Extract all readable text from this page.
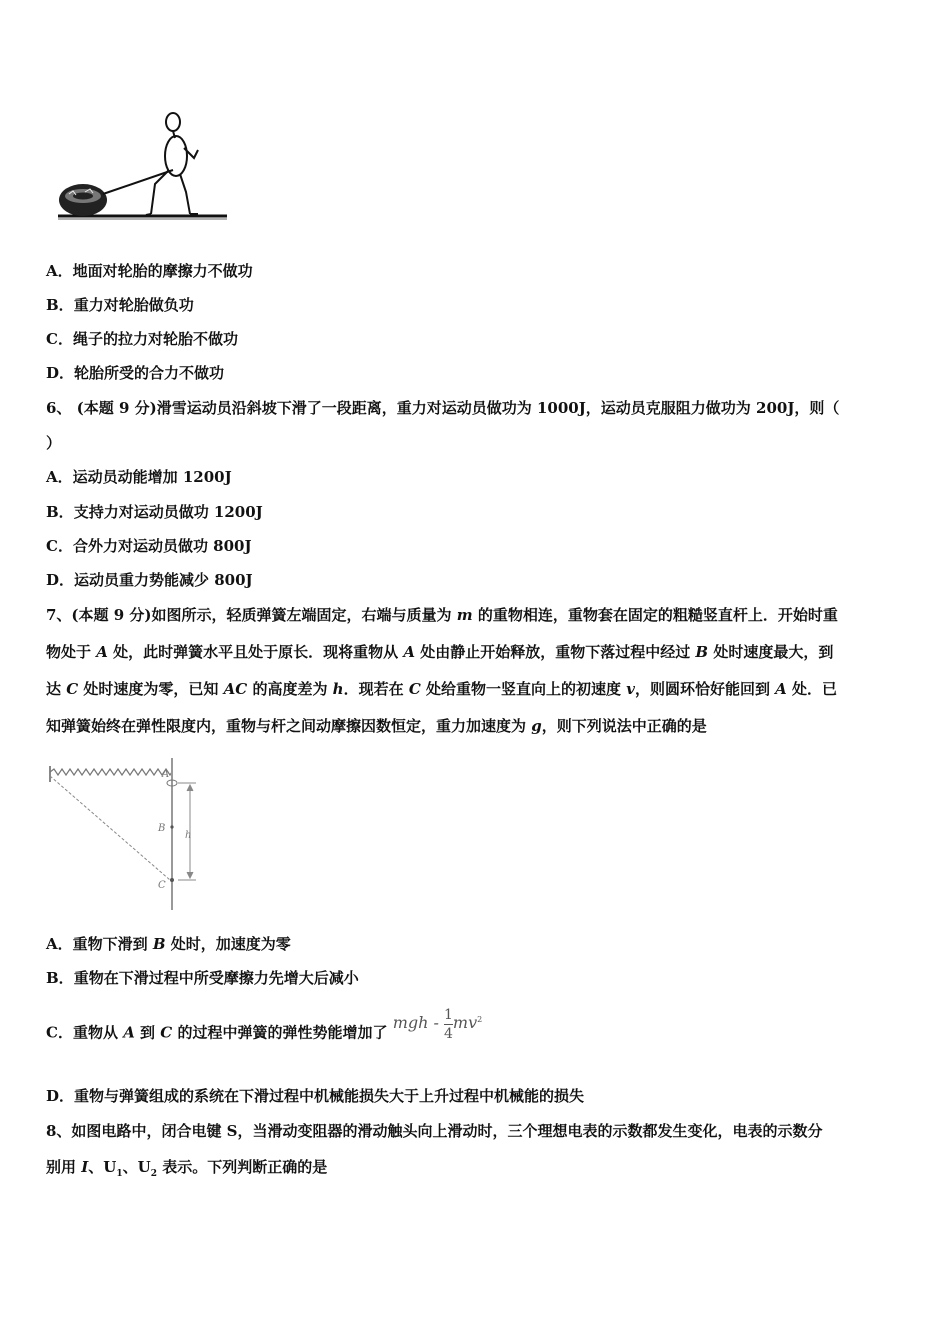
A．地面对轮胎的摩擦力不做功
B．重力对轮胎做负功
C．绳子的拉力对轮胎不做功
D．轮胎所受的合力不做功
6、 (本题 9 分)滑雪运动员沿斜坡下滑了一段距离，重力对运动员做功为 1000J，运动员克服阻力做功为 200J，则（
）
A．运动员动能增加 1200J
B．支持力对运动员做功 1200J
C．合外力对运动员做功 800J
D．运动员重力势能减少 800J
7、(本题 9 分)如图所示，轻质弹簧左端固定，右端与质量为 m 的重物相连，重物套在固定的粗糙竖直杆上．开始时重
物处于 A 处，此时弹簧水平且处于原长．现将重物从 A 处由静止开始释放，重物下落过程中经过 B 处时速度最大，到
达 C 处时速度为零，已知 AC 的高度差为 h．现若在 C 处给重物一竖直向上的初速度 v，则圆环恰好能回到 A 处．已
知弹簧始终在弹性限度内，重物与杆之间动摩擦因数恒定，重力加速度为 g，则下列说法中正确的是
A
B
C
h
A．重物下滑到 B 处时，加速度为零
B．重物在下滑过程中所受摩擦力先增大后减小
C．重物从 A 到 C 的过程中弹簧的弹性势能增加了 mgh - $\frac{1}{4} mv^2$
D．重物与弹簧组成的系统在下滑过程中机械能损失大于上升过程中机械能的损失
8、如图电路中，闭合电键 S，当滑动变阻器的滑动触头向上滑动时，三个理想电表的示数都发生变化，电表的示数分
别用 I、$U_1$、$U_2$ 表示。下列判断正确的是
